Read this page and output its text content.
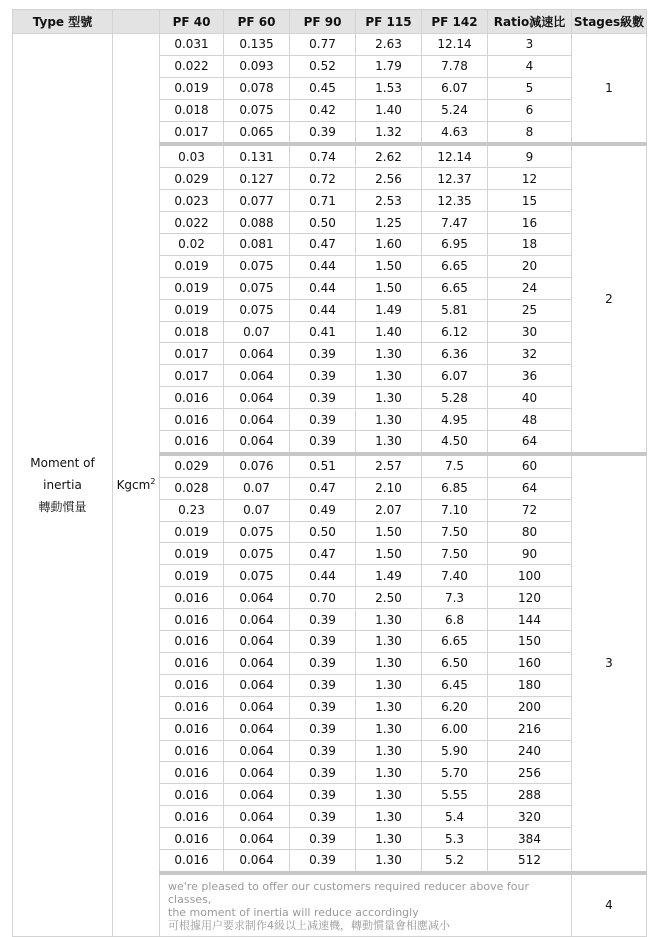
Type 型號		PF 40	PF 60	PF 90	PF 115	PF 142	Ratio減速比	Stages級數

Moment of
inertia
轉動慣量	Kgcm$^2$	0.031	0.135	0.77	2.63	12.14	3	1
		0.022	0.093	0.52	1.79	7.78	4	
		0.019	0.078	0.45	1.53	6.07	5	
		0.018	0.075	0.42	1.40	5.24	6	
		0.017	0.065	0.39	1.32	4.63	8	
		0.03	0.131	0.74	2.62	12.14	9	2
		0.029	0.127	0.72	2.56	12.37	12	
		0.023	0.077	0.71	2.53	12.35	15	
		0.022	0.088	0.50	1.25	7.47	16	
		0.02	0.081	0.47	1.60	6.95	18	
		0.019	0.075	0.44	1.50	6.65	20	
		0.019	0.075	0.44	1.50	6.65	24	
		0.019	0.075	0.44	1.49	5.81	25	
		0.018	0.07	0.41	1.40	6.12	30	
		0.017	0.064	0.39	1.30	6.36	32	
		0.017	0.064	0.39	1.30	6.07	36	
		0.016	0.064	0.39	1.30	5.28	40	
		0.016	0.064	0.39	1.30	4.95	48	
		0.016	0.064	0.39	1.30	4.50	64	
		0.029	0.076	0.51	2.57	7.5	60	3
		0.028	0.07	0.47	2.10	6.85	64	
		0.23	0.07	0.49	2.07	7.10	72	
		0.019	0.075	0.50	1.50	7.50	80	
		0.019	0.075	0.47	1.50	7.50	90	
		0.019	0.075	0.44	1.49	7.40	100	
		0.016	0.064	0.70	2.50	7.3	120	
		0.016	0.064	0.39	1.30	6.8	144	
		0.016	0.064	0.39	1.30	6.65	150	
		0.016	0.064	0.39	1.30	6.50	160	
		0.016	0.064	0.39	1.30	6.45	180	
		0.016	0.064	0.39	1.30	6.20	200	
		0.016	0.064	0.39	1.30	6.00	216	
		0.016	0.064	0.39	1.30	5.90	240	
		0.016	0.064	0.39	1.30	5.70	256	
		0.016	0.064	0.39	1.30	5.55	288	
		0.016	0.064	0.39	1.30	5.4	320	
		0.016	0.064	0.39	1.30	5.3	384	
		0.016	0.064	0.39	1.30	5.2	512	

		we're pleased to offer our customers required reducer above four classes,
the moment of inertia will reduce accordingly
可根據用户要求制作4級以上减速機，轉動慣量會相應减小						4
